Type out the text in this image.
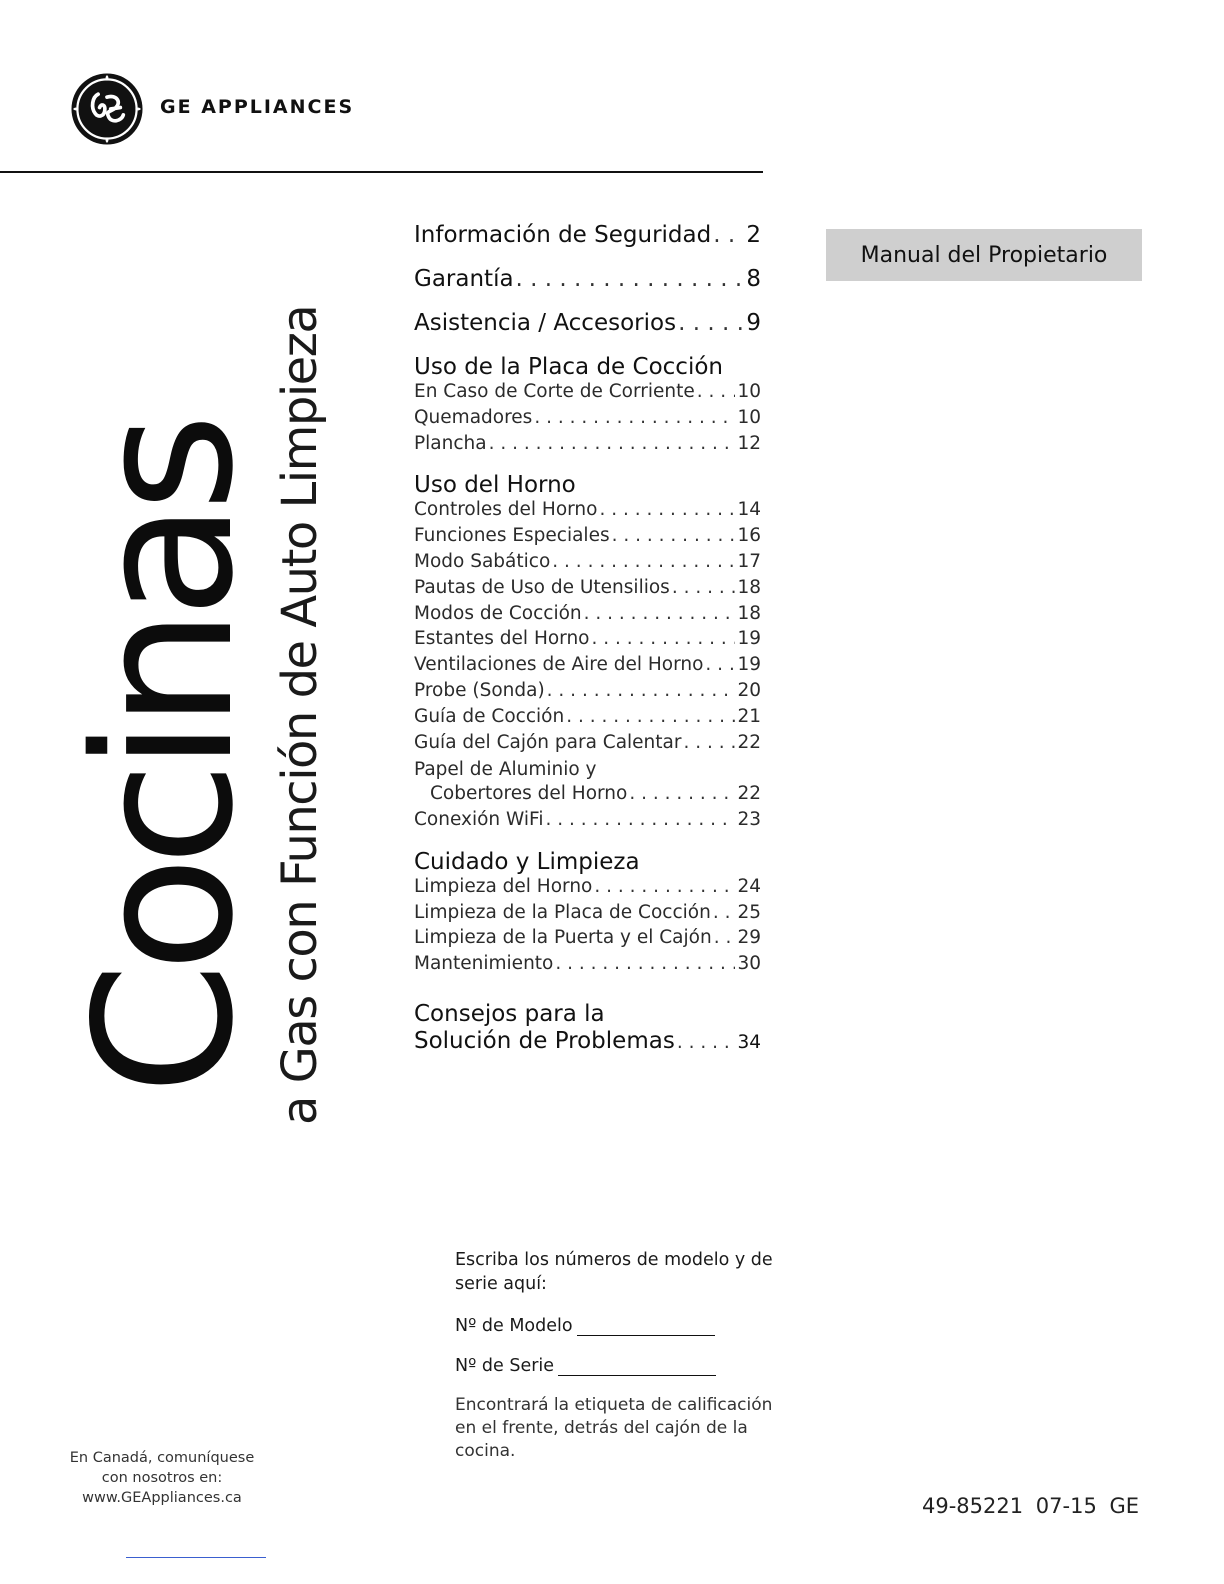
GE APPLIANCES
Cocinas
a Gas con Función de Auto Limpieza
Manual del Propietario
Información de Seguridad . . . 2
Garantía . . .	8
Asistencia / Accesorios . . .	9
Uso de la Placa de Cocción
En Caso de Corte de Corriente . . . 10
Quemadores . . .	10
Plancha . . .	12
Uso del Horno
Controles del Horno . . .	14
Funciones Especiales . . .	16
Modo Sabático . . .	17
Pautas de Uso de Utensilios . . .	18
Modos de Cocción . . .	18
Estantes del Horno . . .	19
Ventilaciones de Aire del Horno . . . 19
Probe (Sonda) . . .	20
Guía de Cocción . . .	21
Guía del Cajón para Calentar . . .	22
Papel de Aluminio y
Cobertores del Horno . . .	22
Conexión WiFi . . .	23
Cuidado y Limpieza
Limpieza del Horno . . .	24
Limpieza de la Placa de Cocción . . . 25
Limpieza de la Puerta y el Cajón . . . 29
Mantenimiento . . .	30
Consejos para la
Solución de Problemas . . .	34
Escriba los números de modelo y de serie aquí:
Nº de Modelo
Nº de Serie
Encontrará la etiqueta de calificación en el frente, detrás del cajón de la cocina.
En Canadá, comuníquese
con nosotros en:
www.GEAppliances.ca	49-85221 07-15 GE
